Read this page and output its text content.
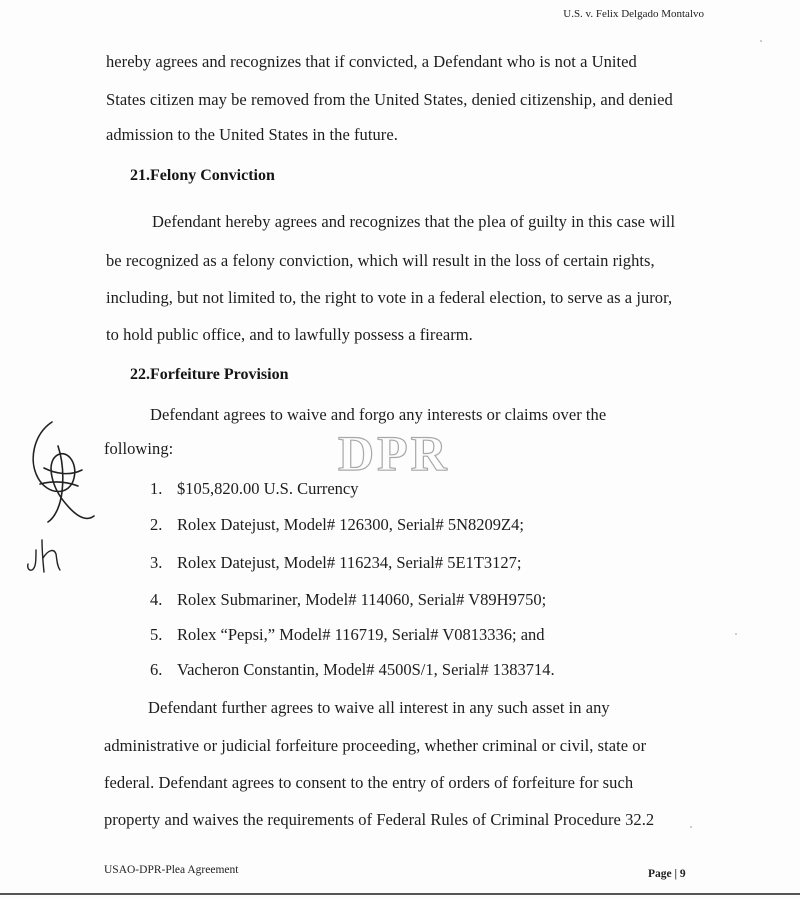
U.S. v. Felix Delgado Montalvo
hereby agrees and recognizes that if convicted, a Defendant who is not a United
States citizen may be removed from the United States, denied citizenship, and denied
admission to the United States in the future.
21.Felony Conviction
Defendant hereby agrees and recognizes that the plea of guilty in this case will
be recognized as a felony conviction, which will result in the loss of certain rights,
including, but not limited to, the right to vote in a federal election, to serve as a juror,
to hold public office, and to lawfully possess a firearm.
22.Forfeiture Provision
Defendant agrees to waive and forgo any interests or claims over the
following:	DPR
1. $105,820.00 U.S. Currency
2. Rolex Datejust, Model# 126300, Serial# 5N8209Z4;
3. Rolex Datejust, Model# 116234, Serial# 5E1T3127;
4. Rolex Submariner, Model# 114060, Serial# V89H9750;
5. Rolex “Pepsi,” Model# 116719, Serial# V0813336; and
6. Vacheron Constantin, Model# 4500S/1, Serial# 1383714.
Defendant further agrees to waive all interest in any such asset in any
administrative or judicial forfeiture proceeding, whether criminal or civil, state or
federal. Defendant agrees to consent to the entry of orders of forfeiture for such
property and waives the requirements of Federal Rules of Criminal Procedure 32.2
USAO-DPR-Plea Agreement	Page | 9
